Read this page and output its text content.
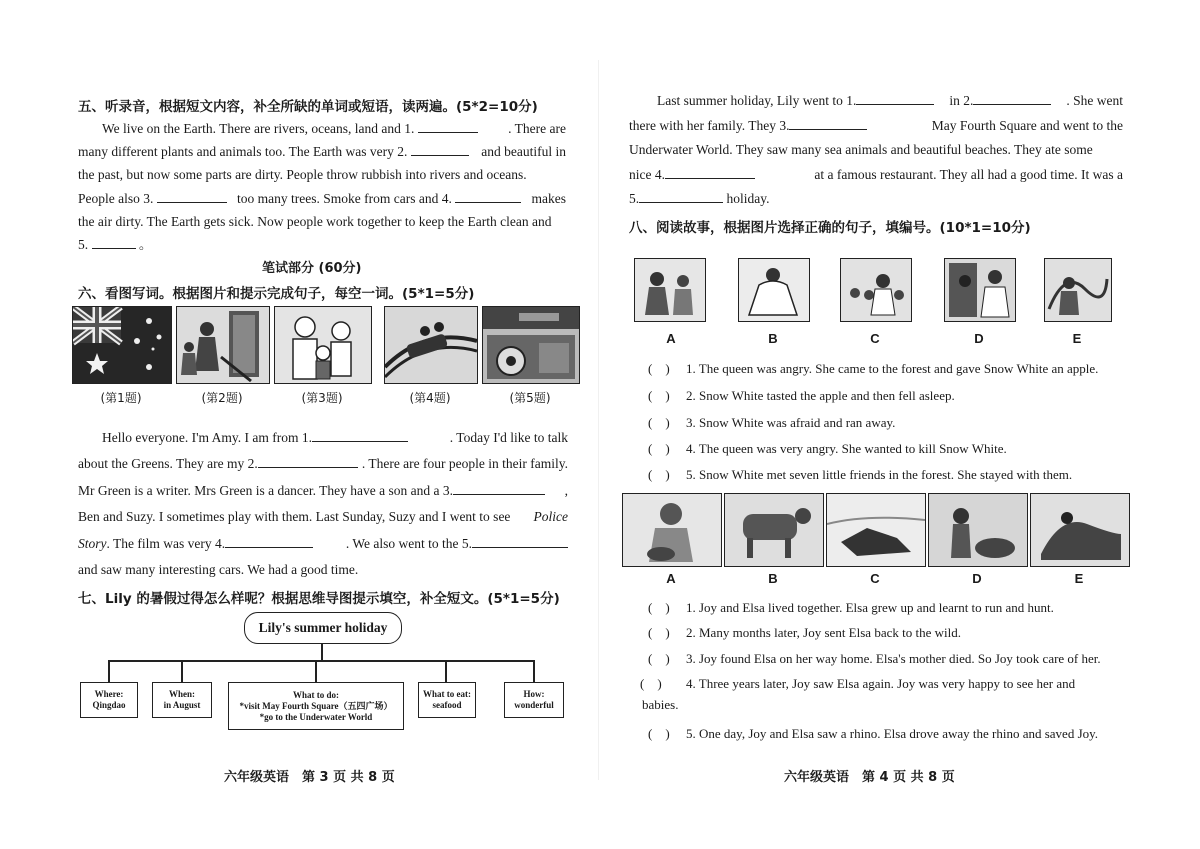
五、听录音，根据短文内容，补全所缺的单词或短语，读两遍。(5*2=10分)
We live on the Earth. There are rivers, oceans, land and 1.	. There are
many different plants and animals too. The Earth was very 2.	and beautiful in
the past, but now some parts are dirty. People throw rubbish into rivers and oceans.
People also 3.	too many trees. Smoke from cars and 4.	makes
the air dirty. The Earth gets sick. Now people work together to keep the Earth clean and
5.	。
笔试部分 (60分)
六、看图写词。根据图片和提示完成句子，每空一词。(5*1=5分)
(第1题)	(第2题)	(第3题)	(第4题)	(第5题)
Hello everyone. I'm Amy. I am from 1.	. Today I'd like to talk
about the Greens. They are my 2.	. There are four people in their family.
Mr Green is a writer. Mrs Green is a dancer. They have a son and a 3.	,
Ben and Suzy. I sometimes play with them. Last Sunday, Suzy and I went to see Police
Story. The film was very 4.	. We also went to the 5.
and saw many interesting cars. We had a good time.
七、Lily 的暑假过得怎么样呢？根据思维导图提示填空，补全短文。(5*1=5分)
Lily's summer holiday
Where:
Qingdao
When:
in August
What to do:
*visit May Fourth Square（五四广场）
*go to the Underwater World
What to eat:
seafood
How:
wonderful
六年级英语　第 3 页 共 8 页
Last summer holiday, Lily went to 1.	in 2.	. She went
there with her family. They 3.	May Fourth Square and went to the
Underwater World. They saw many sea animals and beautiful beaches. They ate some
nice 4.	at a famous restaurant. They all had a good time. It was a
5.	holiday.
八、阅读故事，根据图片选择正确的句子，填编号。(10*1=10分)
A	B	C	D	E
(　) 1. The queen was angry. She came to the forest and gave Snow White an apple.
(　) 2. Snow White tasted the apple and then fell asleep.
(　) 3. Snow White was afraid and ran away.
(　) 4. The queen was very angry. She wanted to kill Snow White.
(　) 5. Snow White met seven little friends in the forest. She stayed with them.
A	B	C	D	E
(　) 1. Joy and Elsa lived together. Elsa grew up and learnt to run and hunt.
(　) 2. Many months later, Joy sent Elsa back to the wild.
(　) 3. Joy found Elsa on her way home. Elsa's mother died. So Joy took care of her.
(　) 4. Three years later, Joy saw Elsa again. Joy was very happy to see her and
babies.
(　) 5. One day, Joy and Elsa saw a rhino. Elsa drove away the rhino and saved Joy.
六年级英语　第 4 页 共 8 页
